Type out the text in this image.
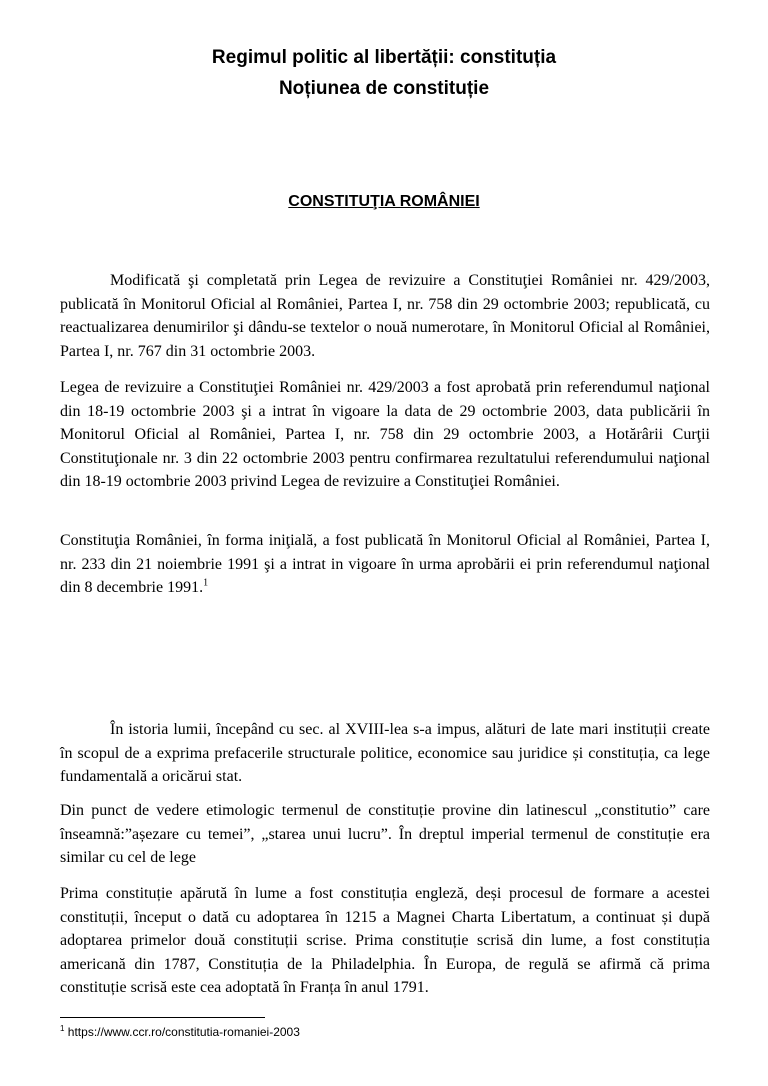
Regimul politic al libertății: constituția
Noțiunea de constituție
CONSTITUŢIA ROMÂNIEI

Modificată şi completată prin Legea de revizuire a Constituţiei României nr. 429/2003, publicată în Monitorul Oficial al României, Partea I, nr. 758 din 29 octombrie 2003; republicată, cu reactualizarea denumirilor şi dându-se textelor o nouă numerotare, în Monitorul Oficial al României, Partea I, nr. 767 din 31 octombrie 2003.

Legea de revizuire a Constituţiei României nr. 429/2003 a fost aprobată prin referendumul naţional din 18-19 octombrie 2003 şi a intrat în vigoare la data de 29 octombrie 2003, data publicării în Monitorul Oficial al României, Partea I, nr. 758 din 29 octombrie 2003, a Hotărârii Curţii Constituţionale nr. 3 din 22 octombrie 2003 pentru confirmarea rezultatului referendumului naţional din 18-19 octombrie 2003 privind Legea de revizuire a Constituţiei României.

Constituţia României, în forma iniţială, a fost publicată în Monitorul Oficial al României, Partea I, nr. 233 din 21 noiembrie 1991 şi a intrat in vigoare în urma aprobării ei prin referendumul naţional din 8 decembrie 1991.$^1$

În istoria lumii, începând cu sec. al XVIII-lea s-a impus, alături de late mari instituții create în scopul de a exprima prefacerile structurale politice, economice sau juridice și constituția, ca lege fundamentală a oricărui stat.

Din punct de vedere etimologic termenul de constituție provine din latinescul „constitutio” care înseamnă:”așezare cu temei”, „starea unui lucru”. În dreptul imperial termenul de constituție era similar cu cel de lege

Prima constituție apărută în lume a fost constituția engleză, deși procesul de formare a acestei constituții, început o dată cu adoptarea în 1215 a Magnei Charta Libertatum, a continuat și după adoptarea primelor două constituții scrise. Prima constituție scrisă din lume, a fost constituția americană din 1787, Constituția de la Philadelphia. În Europa, de regulă se afirmă că prima constituție scrisă este cea adoptată în Franța în anul 1791.

$^1$ https://www.ccr.ro/constitutia-romaniei-2003
